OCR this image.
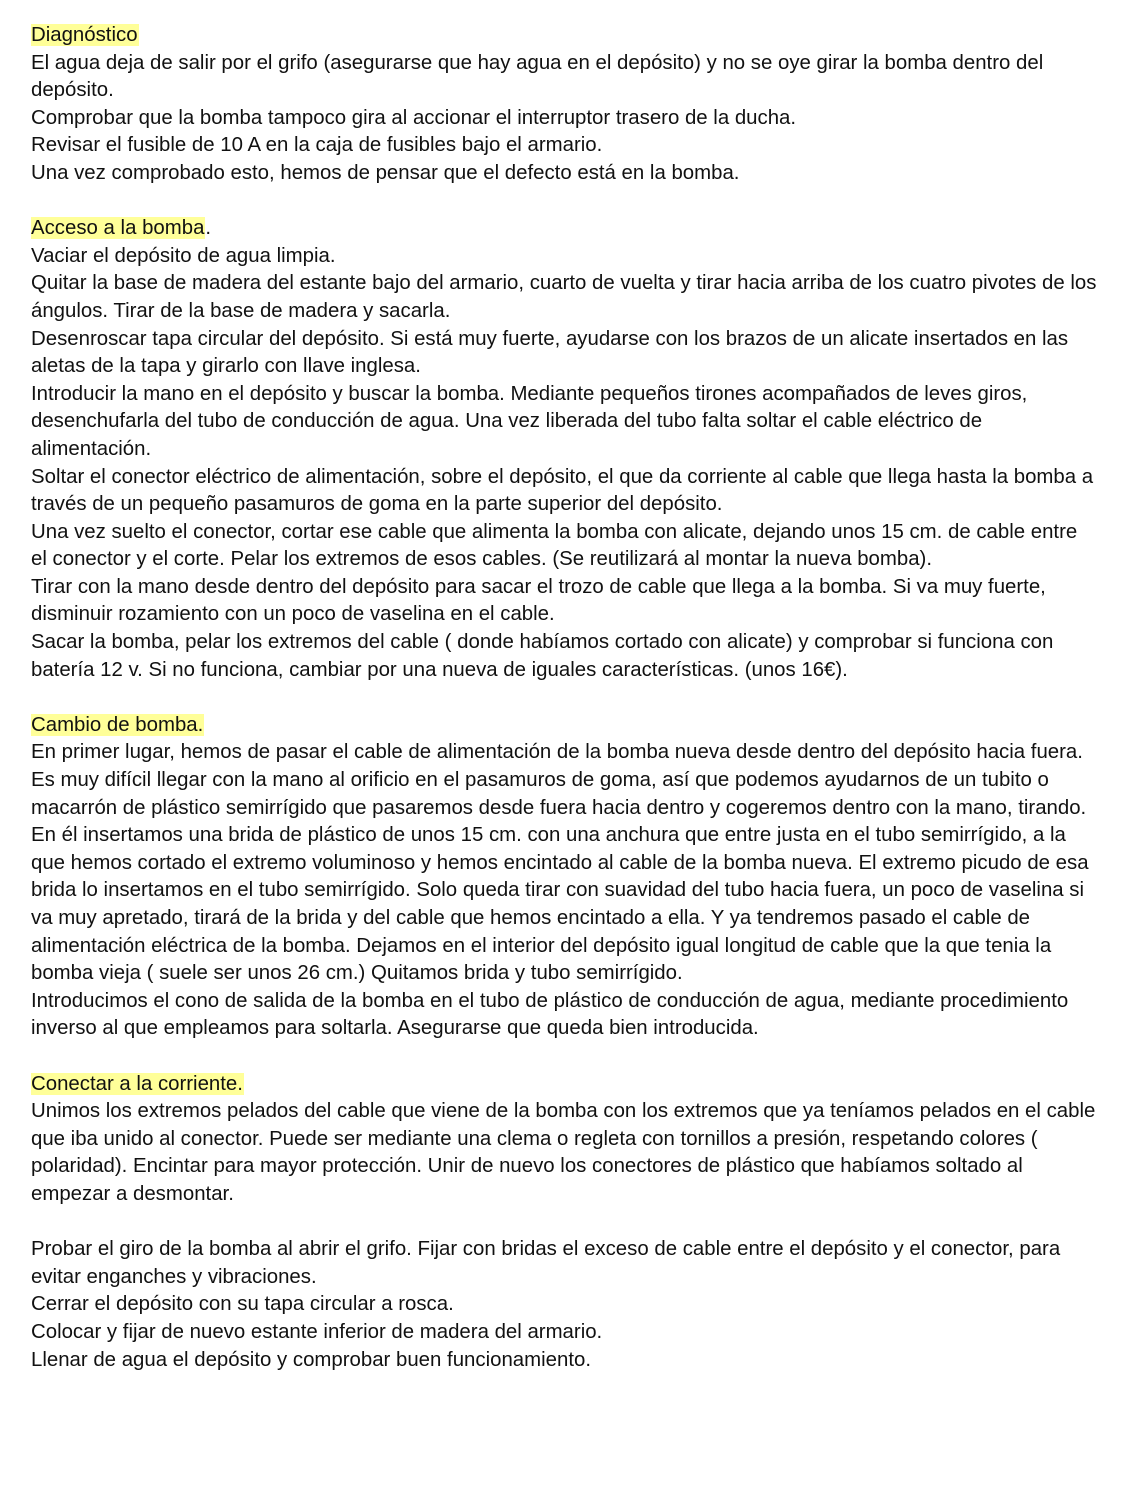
Diagnóstico
El agua deja de salir por el grifo (asegurarse que hay agua en el depósito) y no se oye girar la bomba dentro del depósito.
Comprobar que la bomba tampoco gira al accionar el interruptor trasero de la ducha.
Revisar el fusible de 10 A en la caja de fusibles bajo el armario.
Una vez comprobado esto, hemos de pensar que el defecto está en la bomba.
Acceso a la bomba.
Vaciar el depósito de agua limpia.
Quitar la base de madera del estante bajo del armario, cuarto de vuelta y tirar hacia arriba de los cuatro pivotes de los ángulos. Tirar de la base de madera y sacarla.
Desenroscar tapa circular del depósito. Si está muy fuerte, ayudarse con los brazos de un alicate insertados en las aletas de la tapa y girarlo con llave inglesa.
Introducir la mano en el depósito y buscar la bomba. Mediante pequeños tirones acompañados de leves giros, desenchufarla del tubo de conducción de agua. Una vez liberada del tubo falta soltar el cable eléctrico de alimentación.
Soltar el conector eléctrico de alimentación, sobre el depósito, el que da corriente al cable que llega hasta la bomba a través de un pequeño pasamuros de goma en la parte superior del depósito.
Una vez suelto el conector, cortar ese cable que alimenta la bomba con alicate, dejando unos 15 cm. de cable entre el conector y el corte. Pelar los extremos de esos cables. (Se reutilizará al montar la nueva bomba).
Tirar con la mano desde dentro del depósito para sacar el trozo de cable que llega a la bomba. Si va muy fuerte, disminuir rozamiento con un poco de vaselina en el cable.
Sacar la bomba, pelar los extremos del cable ( donde habíamos cortado con alicate) y comprobar si funciona con batería 12 v. Si no funciona, cambiar por una nueva de iguales características. (unos 16€).
Cambio de bomba.
En primer lugar, hemos de pasar el cable de alimentación de la bomba nueva desde dentro del depósito hacia fuera. Es muy difícil llegar con la mano al orificio en el pasamuros de goma, así que podemos ayudarnos de un tubito o macarrón de plástico semirrígido que pasaremos desde fuera hacia dentro y cogeremos dentro con la mano, tirando. En él insertamos una brida de plástico de unos 15 cm. con una anchura que entre justa en el tubo semirrígido, a la que hemos cortado el extremo voluminoso y hemos encintado al cable de la bomba nueva. El extremo picudo de esa brida lo insertamos en el tubo semirrígido. Solo queda tirar con suavidad del tubo hacia fuera, un poco de vaselina si va muy apretado, tirará de la brida y del cable que hemos encintado a ella. Y ya tendremos pasado el cable de alimentación eléctrica de la bomba. Dejamos en el interior del depósito igual longitud de cable que la que tenia la bomba vieja ( suele ser unos 26 cm.) Quitamos brida y tubo semirrígido.
Introducimos el cono de salida de la bomba en el tubo de plástico de conducción de agua, mediante procedimiento inverso al que empleamos para soltarla. Asegurarse que queda bien introducida.
Conectar a la corriente.
Unimos los extremos pelados del cable que viene de la bomba con los extremos que ya teníamos pelados en el cable que iba unido al conector. Puede ser mediante una clema o regleta con tornillos a presión, respetando colores ( polaridad). Encintar para mayor protección. Unir de nuevo los conectores de plástico que habíamos soltado al empezar a desmontar.
Probar el giro de la bomba al abrir el grifo. Fijar con bridas el exceso de cable entre el depósito y el conector, para evitar enganches y vibraciones.
Cerrar el depósito con su tapa circular a rosca.
Colocar y fijar de nuevo estante inferior de madera del armario.
Llenar de agua el depósito y comprobar buen funcionamiento.
